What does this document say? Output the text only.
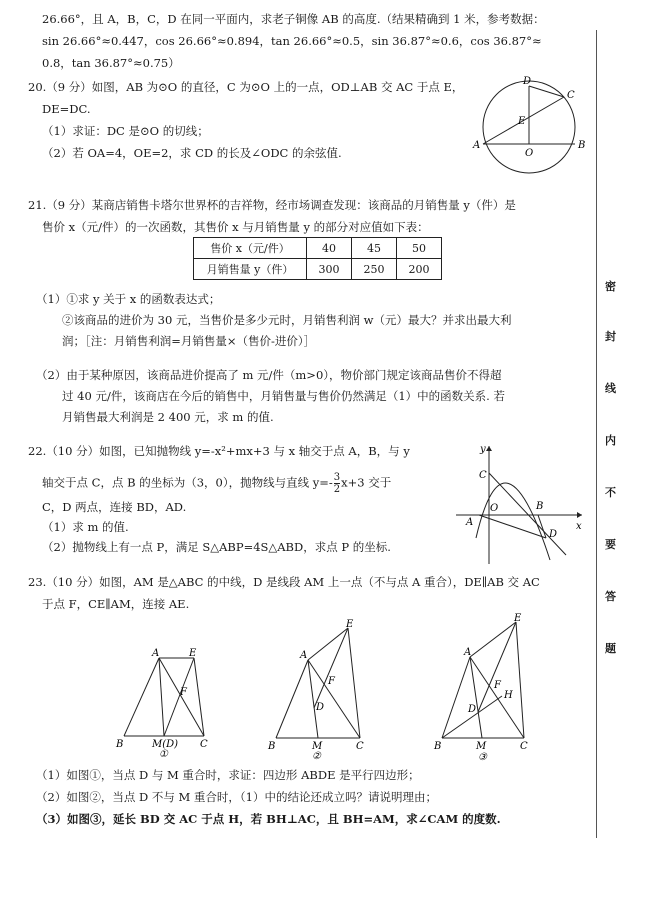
26.66°，且 A，B，C，D 在同一平面内，求老子铜像 AB 的高度.（结果精确到 1 米，参考数据：
sin 26.66°≈0.447，cos 26.66°≈0.894，tan 26.66°≈0.5，sin 36.87°≈0.6，cos 36.87°≈
0.8，tan 36.87°≈0.75）
20.（9 分）如图，AB 为⊙O 的直径，C 为⊙O 上的一点，OD⊥AB 交 AC 于点 E，
DE=DC.
（1）求证：DC 是⊙O 的切线；
（2）若 OA=4，OE=2，求 CD 的长及∠ODC 的余弦值.
D
C
E
A	B
O
21.（9 分）某商店销售卡塔尔世界杯的吉祥物，经市场调查发现：该商品的月销售量 y（件）是
售价 x（元/件）的一次函数，其售价 x 与月销售量 y 的部分对应值如下表：
售价 x（元/件）	40	45	50
月销售量 y（件）	300	250	200
（1）①求 y 关于 x 的函数表达式；
②该商品的进价为 30 元，当售价是多少元时，月销售利润 w（元）最大？并求出最大利
润；［注：月销售利润=月销售量×（售价-进价）］
（2）由于某种原因，该商品进价提高了 m 元/件（m>0），物价部门规定该商品售价不得超
过 40 元/件，该商店在今后的销售中，月销售量与售价仍然满足（1）中的函数关系. 若
月销售最大利润是 2 400 元，求 m 的值.
22.（10 分）如图，已知抛物线 y=-x²+mx+3 与 x 轴交于点 A，B，与 y
轴交于点 C，点 B 的坐标为（3，0），抛物线与直线 $y=- \frac{3}{2} x+3$ 交于
C，D 两点，连接 BD，AD.
（1）求 m 的值.
（2）抛物线上有一点 P，满足 S△ABP=4S△ABD，求点 P 的坐标.
y
x
C
A
O	B
D
23.（10 分）如图，AM 是△ABC 的中线，D 是线段 AM 上一点（不与点 A 重合），DE∥AB 交 AC
于点 F，CE∥AM，连接 AE.
A	E
F
B	M(D) C
①
A
E
F
D
B	M	C
②
A
E
F
H
D
B	M	C
③
（1）如图①，当点 D 与 M 重合时，求证：四边形 ABDE 是平行四边形；
（2）如图②，当点 D 不与 M 重合时，（1）中的结论还成立吗？请说明理由；
（3）如图③，延长 BD 交 AC 于点 H，若 BH⊥AC，且 BH=AM，求∠CAM 的度数.
密
封
线
内
不
要
答
题
